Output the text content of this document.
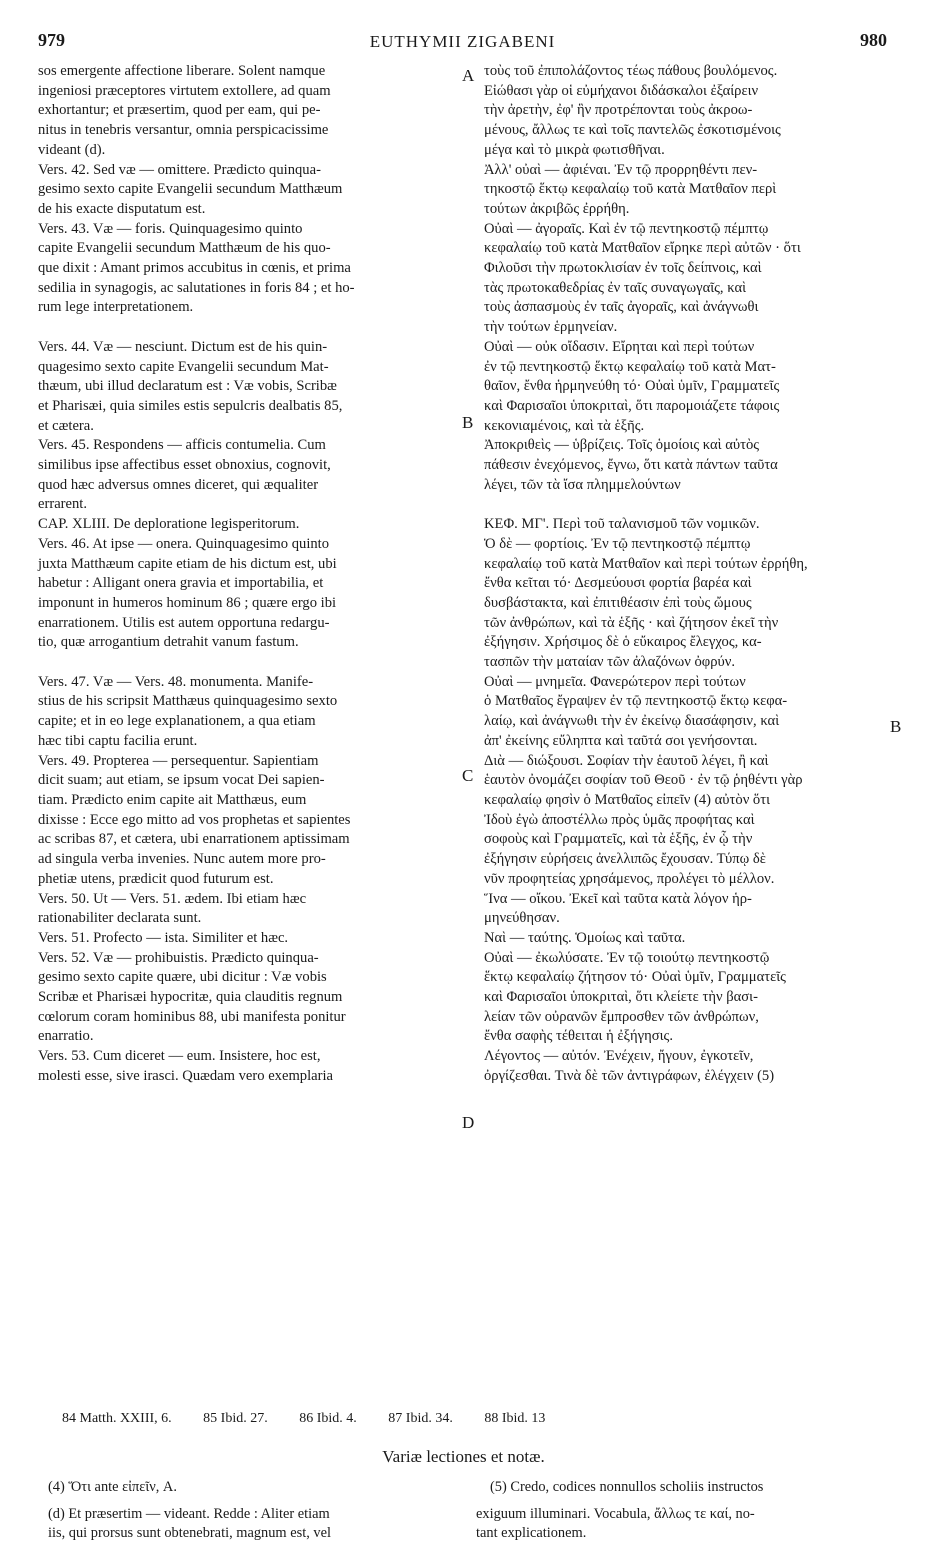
979	EUTHYMII ZIGABENI	980

sos emergente affectione liberare. Solent namque

ingeniosi præceptores virtutem extollere, ad quam

exhortantur; et præsertim, quod per eam, qui pe-

nitus in tenebris versantur, omnia perspicacissime

videant (d).

Vers. 42. Sed væ — omittere. Prædicto quinqua-

gesimo sexto capite Evangelii secundum Matthæum

de his exacte disputatum est.

Vers. 43. Væ — foris. Quinquagesimo quinto

capite Evangelii secundum Matthæum de his quo-

que dixit : Amant primos accubitus in cœnis, et prima

sedilia in synagogis, ac salutationes in foris 84 ; et ho-

rum lege interpretationem.

Vers. 44. Væ — nesciunt. Dictum est de his quin-

quagesimo sexto capite Evangelii secundum Mat-

thæum, ubi illud declaratum est : Væ vobis, Scribæ

et Pharisæi, quia similes estis sepulcris dealbatis 85,

et cætera.

Vers. 45. Respondens — afficis contumelia. Cum

similibus ipse affectibus esset obnoxius, cognovit,

quod hæc adversus omnes diceret, qui æqualiter

errarent.

CAP. XLIII. De deploratione legisperitorum.

Vers. 46. At ipse — onera. Quinquagesimo quinto

juxta Matthæum capite etiam de his dictum est, ubi

habetur : Alligant onera gravia et importabilia, et

imponunt in humeros hominum 86 ; quære ergo ibi

enarrationem. Utilis est autem opportuna redargu-

tio, quæ arrogantium detrahit vanum fastum.

Vers. 47. Væ — Vers. 48. monumenta. Manife-

stius de his scripsit Matthæus quinquagesimo sexto

capite; et in eo lege explanationem, a qua etiam

hæc tibi captu facilia erunt.

Vers. 49. Propterea — persequentur. Sapientiam

dicit suam; aut etiam, se ipsum vocat Dei sapien-

tiam. Prædicto enim capite ait Matthæus, eum

dixisse : Ecce ego mitto ad vos prophetas et sapientes

ac scribas 87, et cætera, ubi enarrationem aptissimam

ad singula verba invenies. Nunc autem more pro-

phetiæ utens, prædicit quod futurum est.

Vers. 50. Ut — Vers. 51. ædem. Ibi etiam hæc

rationabiliter declarata sunt.

Vers. 51. Profecto — ista. Similiter et hæc.

Vers. 52. Væ — prohibuistis. Prædicto quinqua-

gesimo sexto capite quære, ubi dicitur : Væ vobis

Scribæ et Pharisæi hypocritæ, quia clauditis regnum

cœlorum coram hominibus 88, ubi manifesta ponitur

enarratio.

Vers. 53. Cum diceret — eum. Insistere, hoc est,

molesti esse, sive irasci. Quædam vero exemplaria

τοὺς τοῦ ἐπιπολάζοντος τέως πάθους βουλόμενος.

Εἰώθασι γὰρ οἱ εὐμήχανοι διδάσκαλοι ἐξαίρειν

τὴν ἀρετὴν, ἐφ' ἣν προτρέπονται τοὺς ἀκροω-

μένους, ἄλλως τε καὶ τοῖς παντελῶς ἐσκοτισμένοις

μέγα καὶ τὸ μικρὰ φωτισθῆναι.

Ἀλλ' οὐαὶ — ἀφιέναι. Ἐν τῷ προρρηθέντι πεν-

τηκοστῷ ἕκτῳ κεφαλαίῳ τοῦ κατὰ Ματθαῖον περὶ

τούτων ἀκριβῶς ἐρρήθη.

Οὐαὶ — ἀγοραῖς. Καὶ ἐν τῷ πεντηκοστῷ πέμπτῳ

κεφαλαίῳ τοῦ κατὰ Ματθαῖον εἴρηκε περὶ αὐτῶν · ὅτι

Φιλοῦσι τὴν πρωτοκλισίαν ἐν τοῖς δείπνοις, καὶ

τὰς πρωτοκαθεδρίας ἐν ταῖς συναγωγαῖς, καὶ

τοὺς ἀσπασμοὺς ἐν ταῖς ἀγοραῖς, καὶ ἀνάγνωθι

τὴν τούτων ἑρμηνείαν.

Οὐαὶ — οὐκ οἴδασιν. Εἴρηται καὶ περὶ τούτων

ἐν τῷ πεντηκοστῷ ἕκτῳ κεφαλαίῳ τοῦ κατὰ Ματ-

θαῖον, ἔνθα ἡρμηνεύθη τό· Οὐαὶ ὑμῖν, Γραμματεῖς

καὶ Φαρισαῖοι ὑποκριταὶ, ὅτι παρομοιάζετε τάφοις

κεκονιαμένοις, καὶ τὰ ἑξῆς.

Ἀποκριθεὶς — ὑβρίζεις. Τοῖς ὁμοίοις καὶ αὐτὸς

πάθεσιν ἐνεχόμενος, ἔγνω, ὅτι κατὰ πάντων ταῦτα

λέγει, τῶν τὰ ἴσα πλημμελούντων

ΚΕΦ. ΜΓ'. Περὶ τοῦ ταλανισμοῦ τῶν νομικῶν.

Ὁ δὲ — φορτίοις. Ἐν τῷ πεντηκοστῷ πέμπτῳ

κεφαλαίῳ τοῦ κατὰ Ματθαῖον καὶ περὶ τούτων ἐρρήθη,

ἔνθα κεῖται τό· Δεσμεύουσι φορτία βαρέα καὶ

δυσβάστακτα, καὶ ἐπιτιθέασιν ἐπὶ τοὺς ὤμους

τῶν ἀνθρώπων, καὶ τὰ ἑξῆς · καὶ ζήτησον ἐκεῖ τὴν

ἐξήγησιν. Χρήσιμος δὲ ὁ εὔκαιρος ἔλεγχος, κα-

τασπῶν τὴν ματαίαν τῶν ἀλαζόνων ὀφρύν.

Οὐαὶ — μνημεῖα. Φανερώτερον περὶ τούτων

ὁ Ματθαῖος ἔγραψεν ἐν τῷ πεντηκοστῷ ἕκτῳ κεφα-

λαίῳ, καὶ ἀνάγνωθι τὴν ἐν ἐκείνῳ διασάφησιν, καὶ

ἀπ' ἐκείνης εὔληπτα καὶ ταῦτά σοι γενήσονται.

Διὰ — διώξουσι. Σοφίαν τὴν ἑαυτοῦ λέγει, ἢ καὶ

ἑαυτὸν ὀνομάζει σοφίαν τοῦ Θεοῦ · ἐν τῷ ῥηθέντι γὰρ

κεφαλαίῳ φησὶν ὁ Ματθαῖος εἰπεῖν (4) αὐτὸν ὅτι

Ἰδοὺ ἐγὼ ἀποστέλλω πρὸς ὑμᾶς προφήτας καὶ

σοφοὺς καὶ Γραμματεῖς, καὶ τὰ ἑξῆς, ἐν ᾧ τὴν

ἐξήγησιν εὑρήσεις ἀνελλιπῶς ἔχουσαν. Τύπῳ δὲ

νῦν προφητείας χρησάμενος, προλέγει τὸ μέλλον.

Ἵνα — οἴκου. Ἐκεῖ καὶ ταῦτα κατὰ λόγον ἡρ-

μηνεύθησαν.

Ναὶ — ταύτης. Ὁμοίως καὶ ταῦτα.

Οὐαὶ — ἐκωλύσατε. Ἐν τῷ τοιούτῳ πεντηκοστῷ

ἕκτῳ κεφαλαίῳ ζήτησον τό· Οὐαὶ ὑμῖν, Γραμματεῖς

καὶ Φαρισαῖοι ὑποκριταὶ, ὅτι κλείετε τὴν βασι-

λείαν τῶν οὐρανῶν ἔμπροσθεν τῶν ἀνθρώπων,

ἔνθα σαφὴς τέθειται ἡ ἐξήγησις.

Λέγοντος — αὐτόν. Ἐνέχειν, ἤγουν, ἐγκοτεῖν,

ὀργίζεσθαι. Τινὰ δὲ τῶν ἀντιγράφων, ἐλέγχειν (5)

A
B
B
C
D
84 Matth. XXIII, 6. 85 Ibid. 27. 86 Ibid. 4. 87 Ibid. 34. 88 Ibid. 13
Variæ lectiones et notæ.
(4) Ὅτι ante εἰπεῖν, A.	(5) Credo, codices nonnullos scholiis instructos
(d) Et præsertim — videant. Redde : Aliter etiam
iis, qui prorsus sunt obtenebrati, magnum est, vel
exiguum illuminari. Vocabula, ἄλλως τε καί, no-
tant explicationem.
